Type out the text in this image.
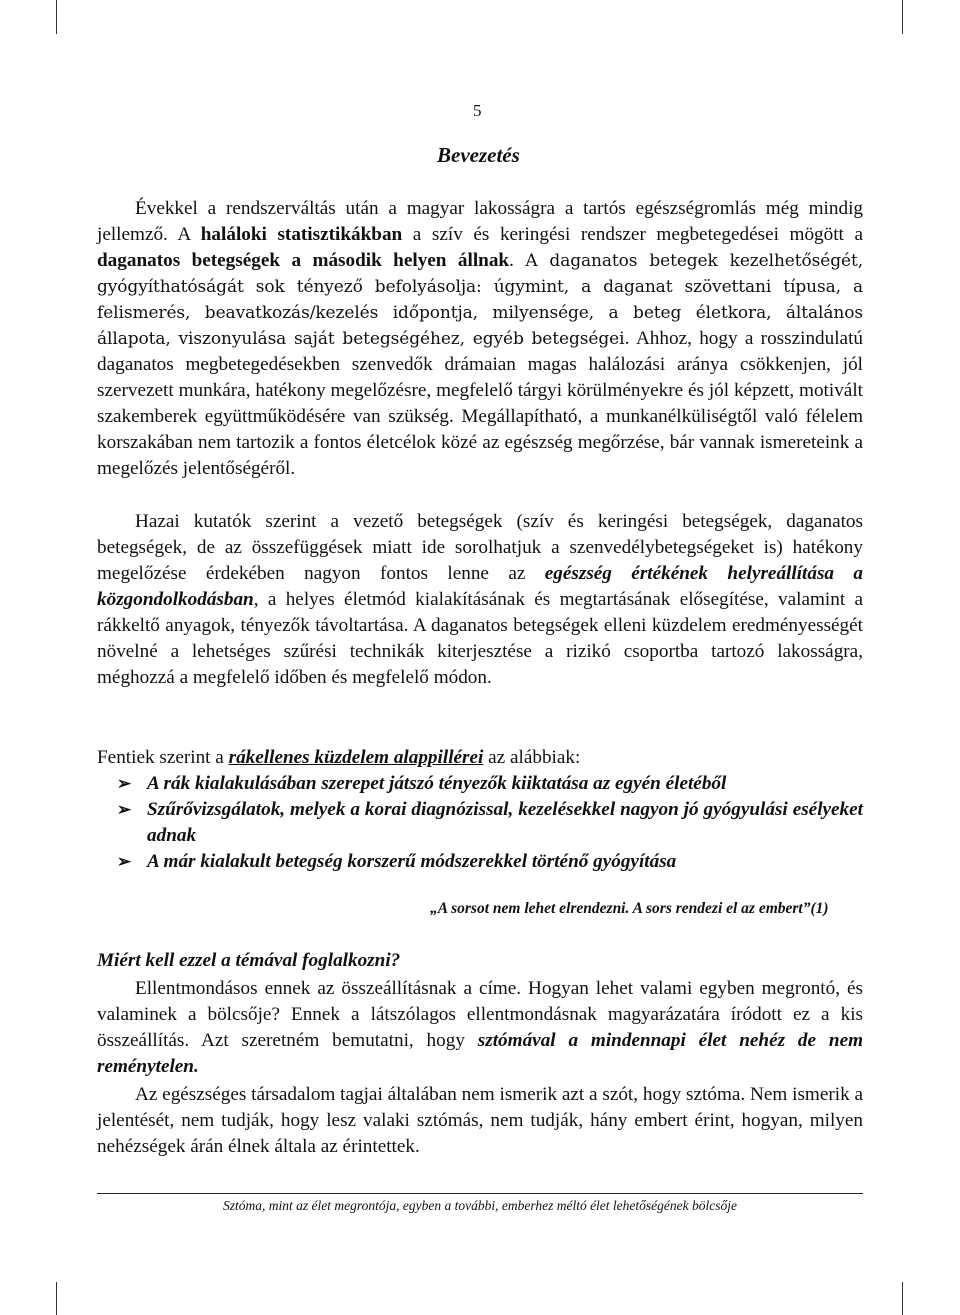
5
Bevezetés

Évekkel a rendszerváltás után a magyar lakosságra a tartós egészségromlás még mindig jellemző. A haláloki statisztikákban a szív és keringési rendszer megbetegedései mögött a daganatos betegségek a második helyen állnak. A daganatos betegek kezelhetőségét, gyógyíthatóságát sok tényező befolyásolja: úgymint, a daganat szövettani típusa, a felismerés, beavatkozás/kezelés időpontja, milyensége, a beteg életkora, általános állapota, viszonyulása saját betegségéhez, egyéb betegségei. Ahhoz, hogy a rosszindulatú daganatos megbetegedésekben szenvedők drámaian magas halálozási aránya csökkenjen, jól szervezett munkára, hatékony megelőzésre, megfelelő tárgyi körülményekre és jól képzett, motivált szakemberek együttműködésére van szükség. Megállapítható, a munkanélküliségtől való félelem korszakában nem tartozik a fontos életcélok közé az egészség megőrzése, bár vannak ismereteink a megelőzés jelentőségéről.

Hazai kutatók szerint a vezető betegségek (szív és keringési betegségek, daganatos betegségek, de az összefüggések miatt ide sorolhatjuk a szenvedélybetegségeket is) hatékony megelőzése érdekében nagyon fontos lenne az egészség értékének helyreállítása a közgondolkodásban, a helyes életmód kialakításának és megtartásának elősegítése, valamint a rákkeltő anyagok, tényezők távoltartása. A daganatos betegségek elleni küzdelem eredményességét növelné a lehetséges szűrési technikák kiterjesztése a rizikó csoportba tartozó lakosságra, méghozzá a megfelelő időben és megfelelő módon.

Fentiek szerint a rákellenes küzdelem alappillérei az alábbiak:

➢ A rák kialakulásában szerepet játszó tényezők kiiktatása az egyén életéből
➢ Szűrővizsgálatok, melyek a korai diagnózissal, kezelésekkel nagyon jó gyógyulási esélyeket adnak
➢ A már kialakult betegség korszerű módszerekkel történő gyógyítása
„A sorsot nem lehet elrendezni. A sors rendezi el az embert”(1)
Miért kell ezzel a témával foglalkozni?

Ellentmondásos ennek az összeállításnak a címe. Hogyan lehet valami egyben megrontó, és valaminek a bölcsője? Ennek a látszólagos ellentmondásnak magyarázatára íródott ez a kis összeállítás. Azt szeretném bemutatni, hogy sztómával a mindennapi élet nehéz de nem reménytelen.

Az egészséges társadalom tagjai általában nem ismerik azt a szót, hogy sztóma. Nem ismerik a jelentését, nem tudják, hogy lesz valaki sztómás, nem tudják, hány embert érint, hogyan, milyen nehézségek árán élnek általa az érintettek.

Sztóma, mint az élet megrontója, egyben a további, emberhez méltó élet lehetőségének bölcsője
